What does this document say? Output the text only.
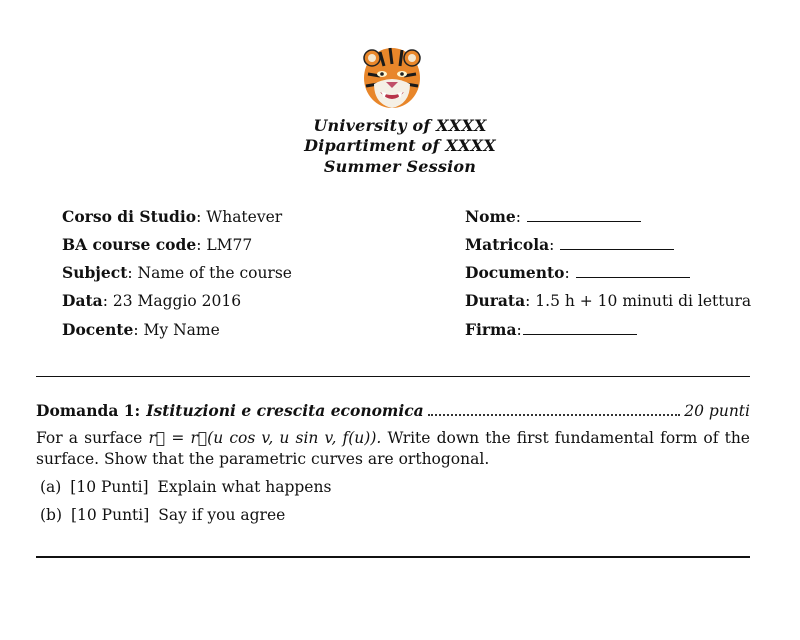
University of XXXX
Dipartiment of XXXX
Summer Session
Corso di Studio: Whatever
BA course code: LM77
Subject: Name of the course
Data: 23 Maggio 2016
Docente: My Name
Nome:
Matricola:
Documento:
Durata: 1.5 h + 10 minuti di lettura
Firma:
Domanda 1: Istituzioni e crescita economica	20 punti
For a surface r⃗ = r⃗(u cos v, u sin v, f(u)). Write down the first fundamental form of the surface. Show that the parametric curves are orthogonal.
(a) [10 Punti] Explain what happens
(b) [10 Punti] Say if you agree
